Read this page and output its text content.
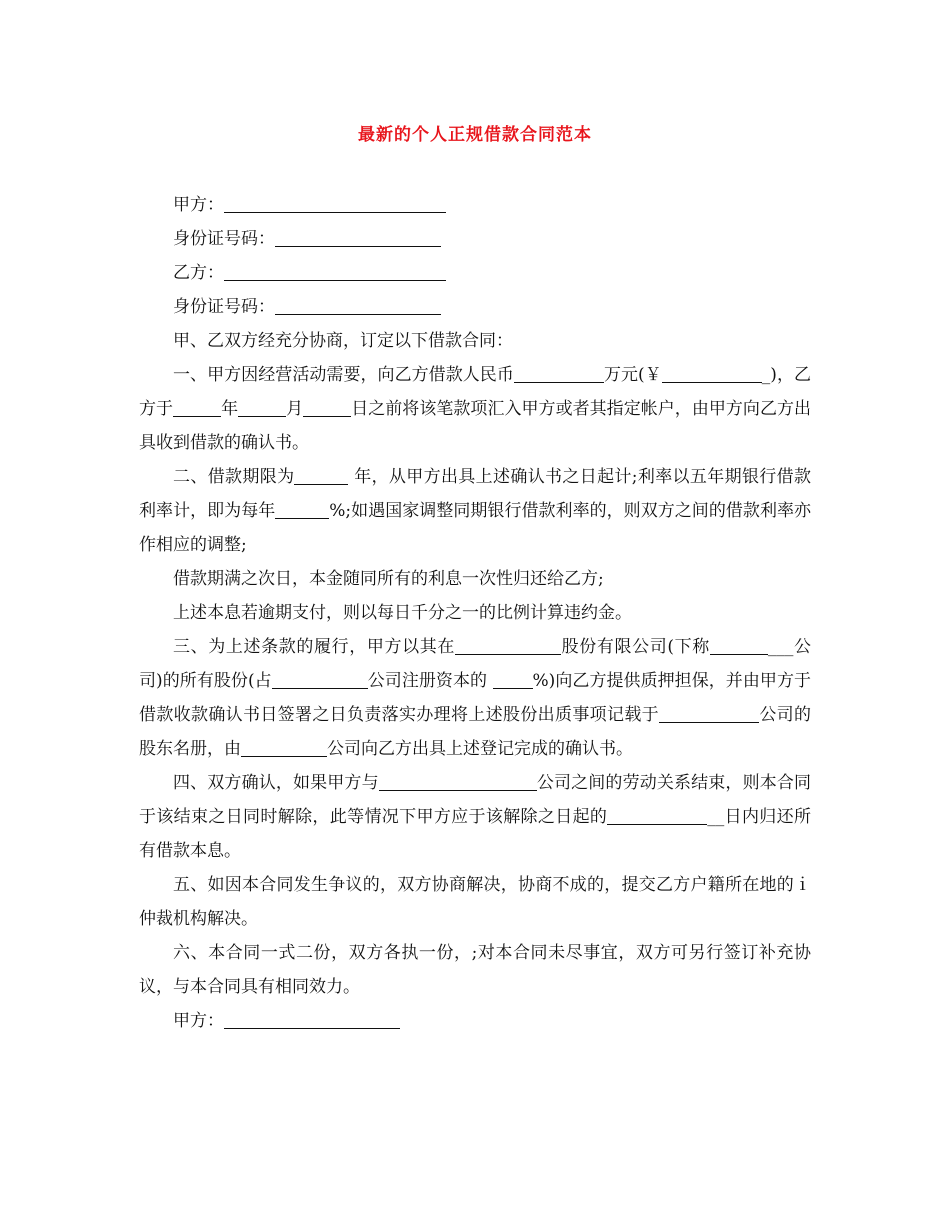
最新的个人正规借款合同范本

甲方：

身份证号码：

乙方：

身份证号码：

甲、乙双方经充分协商，订定以下借款合同：

一、甲方因经营活动需要，向乙方借款人民币	万元(￥	_)，乙方于	年	月	日之前将该笔款项汇入甲方或者其指定帐户，由甲方向乙方出具收到借款的确认书。

二、借款期限为	年，从甲方出具上述确认书之日起计;利率以五年期银行借款利率计，即为每年	%;如遇国家调整同期银行借款利率的，则双方之间的借款利率亦作相应的调整;

借款期满之次日，本金随同所有的利息一次性归还给乙方;

上述本息若逾期支付，则以每日千分之一的比例计算违约金。

三、为上述条款的履行，甲方以其在	股份有限公司(下称	___公司)的所有股份(占	公司注册资本的 %)向乙方提供质押担保，并由甲方于借款收款确认书日签署之日负责落实办理将上述股份出质事项记载于	公司的股东名册，由	公司向乙方出具上述登记完成的确认书。

四、双方确认，如果甲方与	公司之间的劳动关系结束，则本合同于该结束之日同时解除，此等情况下甲方应于该解除之日起的	__日内归还所有借款本息。

五、如因本合同发生争议的，双方协商解决，协商不成的，提交乙方户籍所在地的ｉ仲裁机构解决。

六、本合同一式二份，双方各执一份，;对本合同未尽事宜，双方可另行签订补充协议，与本合同具有相同效力。

甲方：
